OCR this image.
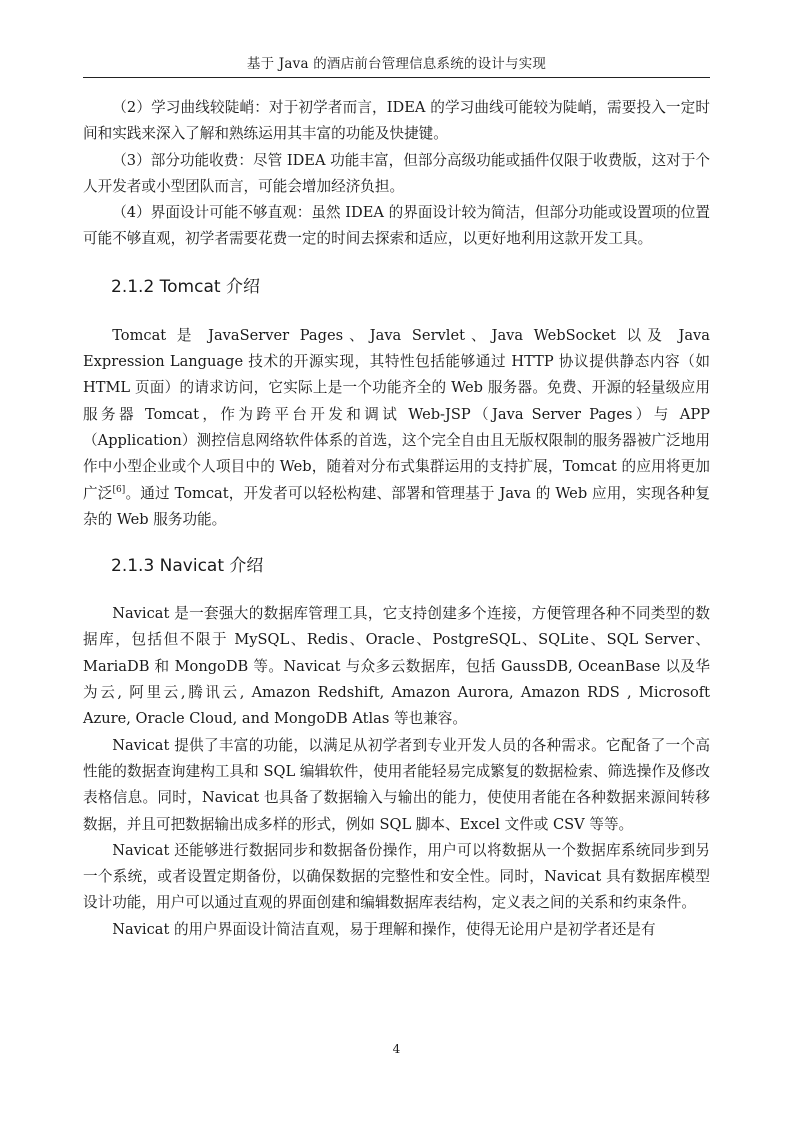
基于 Java 的酒店前台管理信息系统的设计与实现

（2）学习曲线较陡峭：对于初学者而言，IDEA 的学习曲线可能较为陡峭，需要投入一定时间和实践来深入了解和熟练运用其丰富的功能及快捷键。

（3）部分功能收费：尽管 IDEA 功能丰富，但部分高级功能或插件仅限于收费版，这对于个人开发者或小型团队而言，可能会增加经济负担。

（4）界面设计可能不够直观：虽然 IDEA 的界面设计较为简洁，但部分功能或设置项的位置可能不够直观，初学者需要花费一定的时间去探索和适应，以更好地利用这款开发工具。

2.1.2 Tomcat 介绍

Tomcat 是 JavaServer Pages、Java Servlet、Java WebSocket 以及 Java Expression Language 技术的开源实现，其特性包括能够通过 HTTP 协议提供静态内容（如 HTML 页面）的请求访问，它实际上是一个功能齐全的 Web 服务器。免费、开源的轻量级应用服务器 Tomcat，作为跨平台开发和调试 Web-JSP（Java Server Pages）与 APP（Application）测控信息网络软件体系的首选，这个完全自由且无版权限制的服务器被广泛地用作中小型企业或个人项目中的 Web，随着对分布式集群运用的支持扩展，Tomcat 的应用将更加广泛[6]。通过 Tomcat，开发者可以轻松构建、部署和管理基于 Java 的 Web 应用，实现各种复杂的 Web 服务功能。

2.1.3 Navicat 介绍

Navicat 是一套强大的数据库管理工具，它支持创建多个连接，方便管理各种不同类型的数据库，包括但不限于 MySQL、Redis、Oracle、PostgreSQL、SQLite、SQL Server、MariaDB 和 MongoDB 等。Navicat 与众多云数据库，包括 GaussDB, OceanBase 以及华为云, 阿里云,腾讯云, Amazon Redshift, Amazon Aurora, Amazon RDS , Microsoft Azure, Oracle Cloud, and MongoDB Atlas 等也兼容。

Navicat 提供了丰富的功能，以满足从初学者到专业开发人员的各种需求。它配备了一个高性能的数据查询建构工具和 SQL 编辑软件，使用者能轻易完成繁复的数据检索、筛选操作及修改表格信息。同时，Navicat 也具备了数据输入与输出的能力，使使用者能在各种数据来源间转移数据，并且可把数据输出成多样的形式，例如 SQL 脚本、Excel 文件或 CSV 等等。

Navicat 还能够进行数据同步和数据备份操作，用户可以将数据从一个数据库系统同步到另一个系统，或者设置定期备份，以确保数据的完整性和安全性。同时，Navicat 具有数据库模型设计功能，用户可以通过直观的界面创建和编辑数据库表结构，定义表之间的关系和约束条件。

Navicat 的用户界面设计简洁直观，易于理解和操作，使得无论用户是初学者还是有

4
